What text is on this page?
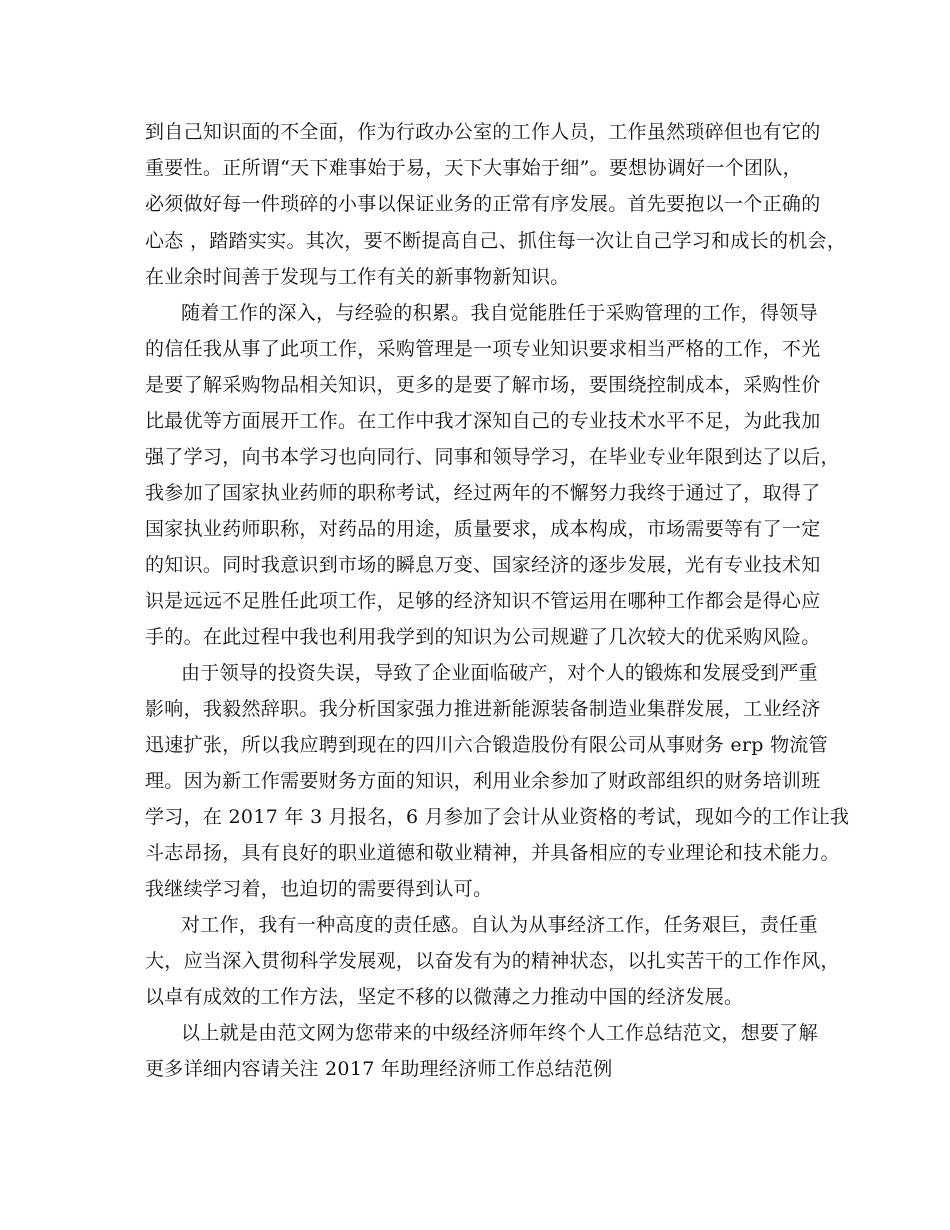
到自己知识面的不全面，作为行政办公室的工作人员，工作虽然琐碎但也有它的
重要性。正所谓“天下难事始于易，天下大事始于细”。要想协调好一个团队，
必须做好每一件琐碎的小事以保证业务的正常有序发展。首先要抱以一个正确的
心态 ，踏踏实实。其次，要不断提高自己、抓住每一次让自己学习和成长的机会，
在业余时间善于发现与工作有关的新事物新知识。
随着工作的深入，与经验的积累。我自觉能胜任于采购管理的工作，得领导
的信任我从事了此项工作，采购管理是一项专业知识要求相当严格的工作，不光
是要了解采购物品相关知识，更多的是要了解市场，要围绕控制成本，采购性价
比最优等方面展开工作。在工作中我才深知自己的专业技术水平不足，为此我加
强了学习，向书本学习也向同行、同事和领导学习，在毕业专业年限到达了以后，
我参加了国家执业药师的职称考试，经过两年的不懈努力我终于通过了，取得了
国家执业药师职称，对药品的用途，质量要求，成本构成，市场需要等有了一定
的知识。同时我意识到市场的瞬息万变、国家经济的逐步发展，光有专业技术知
识是远远不足胜任此项工作，足够的经济知识不管运用在哪种工作都会是得心应
手的。在此过程中我也利用我学到的知识为公司规避了几次较大的优采购风险。
由于领导的投资失误，导致了企业面临破产，对个人的锻炼和发展受到严重
影响，我毅然辞职。我分析国家强力推进新能源装备制造业集群发展，工业经济
迅速扩张，所以我应聘到现在的四川六合锻造股份有限公司从事财务 erp 物流管
理。因为新工作需要财务方面的知识，利用业余参加了财政部组织的财务培训班
学习，在 2017 年 3 月报名，6 月参加了会计从业资格的考试，现如今的工作让我
斗志昂扬，具有良好的职业道德和敬业精神，并具备相应的专业理论和技术能力。
我继续学习着，也迫切的需要得到认可。
对工作，我有一种高度的责任感。自认为从事经济工作，任务艰巨，责任重
大，应当深入贯彻科学发展观，以奋发有为的精神状态，以扎实苦干的工作作风，
以卓有成效的工作方法，坚定不移的以微薄之力推动中国的经济发展。
以上就是由范文网为您带来的中级经济师年终个人工作总结范文，想要了解
更多详细内容请关注 2017 年助理经济师工作总结范例
